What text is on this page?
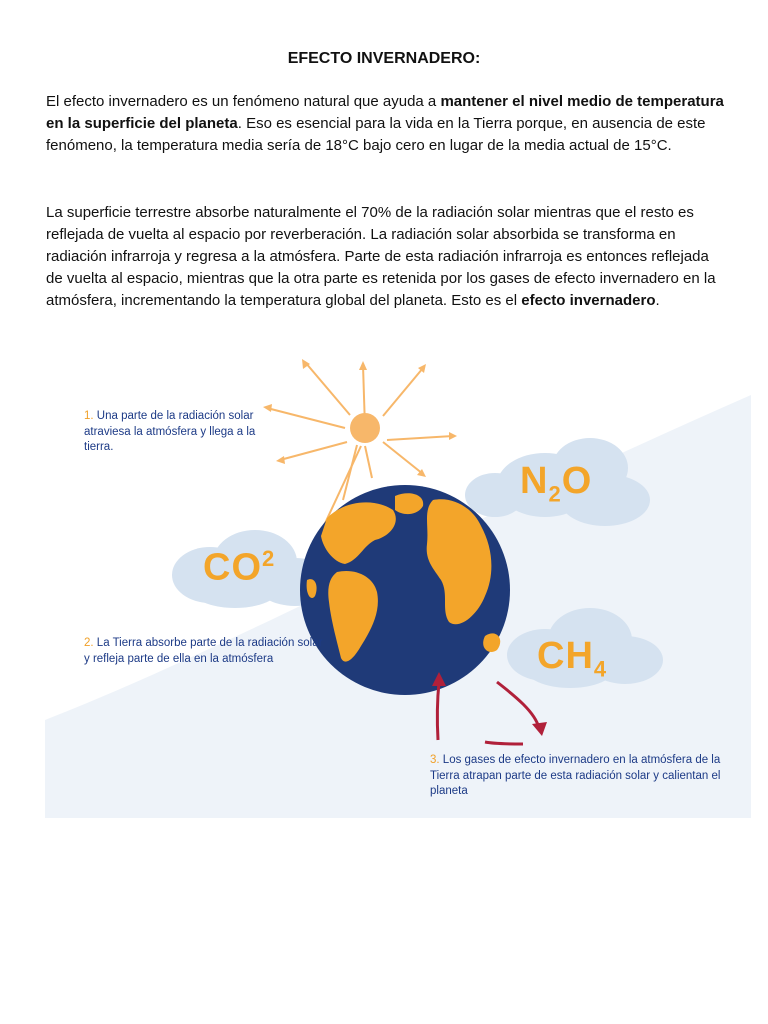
EFECTO INVERNADERO:
El efecto invernadero es un fenómeno natural que ayuda a mantener el nivel medio de temperatura en la superficie del planeta. Eso es esencial para la vida en la Tierra porque, en ausencia de este fenómeno, la temperatura media sería de 18°C bajo cero en lugar de la media actual de 15°C.
La superficie terrestre absorbe naturalmente el 70% de la radiación solar mientras que el resto es reflejada de vuelta al espacio por reverberación. La radiación solar absorbida se transforma en radiación infrarroja y regresa a la atmósfera. Parte de esta radiación infrarroja es entonces reflejada de vuelta al espacio, mientras que la otra parte es retenida por los gases de efecto invernadero en la atmósfera, incrementando la temperatura global del planeta. Esto es el efecto invernadero.
1. Una parte de la radiación solar atraviesa la atmósfera y llega a la tierra.
2. La Tierra absorbe parte de la radiación solar y refleja parte de ella en la atmósfera
3. Los gases de efecto invernadero en la atmósfera de la Tierra atrapan parte de esta radiación solar y calientan el planeta
$N_2O$
$CO^2$
$CH_4$
